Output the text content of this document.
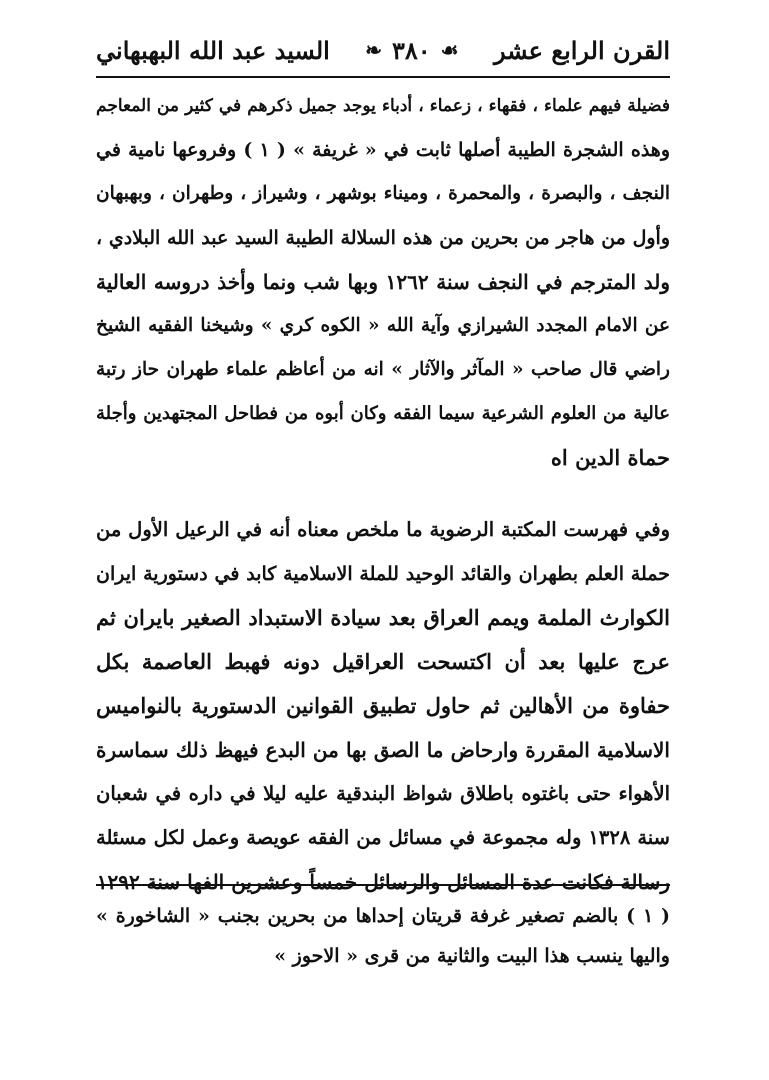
القرن الرابع عشر
☙
٣٨٠
❧
السيد عبد الله البهبهاني
فضيلة فيهم علماء ، فقهاء ، زعماء ، أدباء يوجد جميل ذكرهم في كثير من المعاجم
وهذه الشجرة الطيبة أصلها ثابت في « غريفة » ( ١ ) وفروعها نامية في
النجف ، والبصرة ، والمحمرة ، وميناء بوشهر ، وشيراز ، وطهران ، وبهبهان
وأول من هاجر من بحرين من هذه السلالة الطيبة السيد عبد الله البلادي ،
ولد المترجم في النجف سنة ١٢٦٢ وبها شب ونما وأخذ دروسه العالية
عن الامام المجدد الشيرازي وآية الله « الكوه كري » وشيخنا الفقيه الشيخ
راضي قال صاحب « المآثر والآثار » انه من أعاظم علماء طهران حاز رتبة
عالية من العلوم الشرعية سيما الفقه وكان أبوه من فطاحل المجتهدين وأجلة
حماة الدين اه
وفي فهرست المكتبة الرضوية ما ملخص معناه أنه في الرعيل الأول من
حملة العلم بطهران والقائد الوحيد للملة الاسلامية كابد في دستورية ايران
الكوارث الملمة ويمم العراق بعد سيادة الاستبداد الصغير بايران ثم
عرج عليها بعد أن اكتسحت العراقيل دونه فهبط العاصمة بكل
حفاوة من الأهالين ثم حاول تطبيق القوانين الدستورية بالنواميس
الاسلامية المقررة وارحاض ما الصق بها من البدع فيهظ ذلك سماسرة
الأهواء حتى باغتوه باطلاق شواظ البندقية عليه ليلا في داره في شعبان
سنة ١٣٢٨ وله مجموعة في مسائل من الفقه عويصة وعمل لكل مسئلة
رسالة فكانت عدة المسائل والرسائل خمساً وعشرين الفها سنة ١٢٩٢
( ١ ) بالضم تصغير غرفة قريتان إحداها من بحرين بجنب « الشاخورة »
واليها ينسب هذا البيت والثانية من قرى « الاحوز »
